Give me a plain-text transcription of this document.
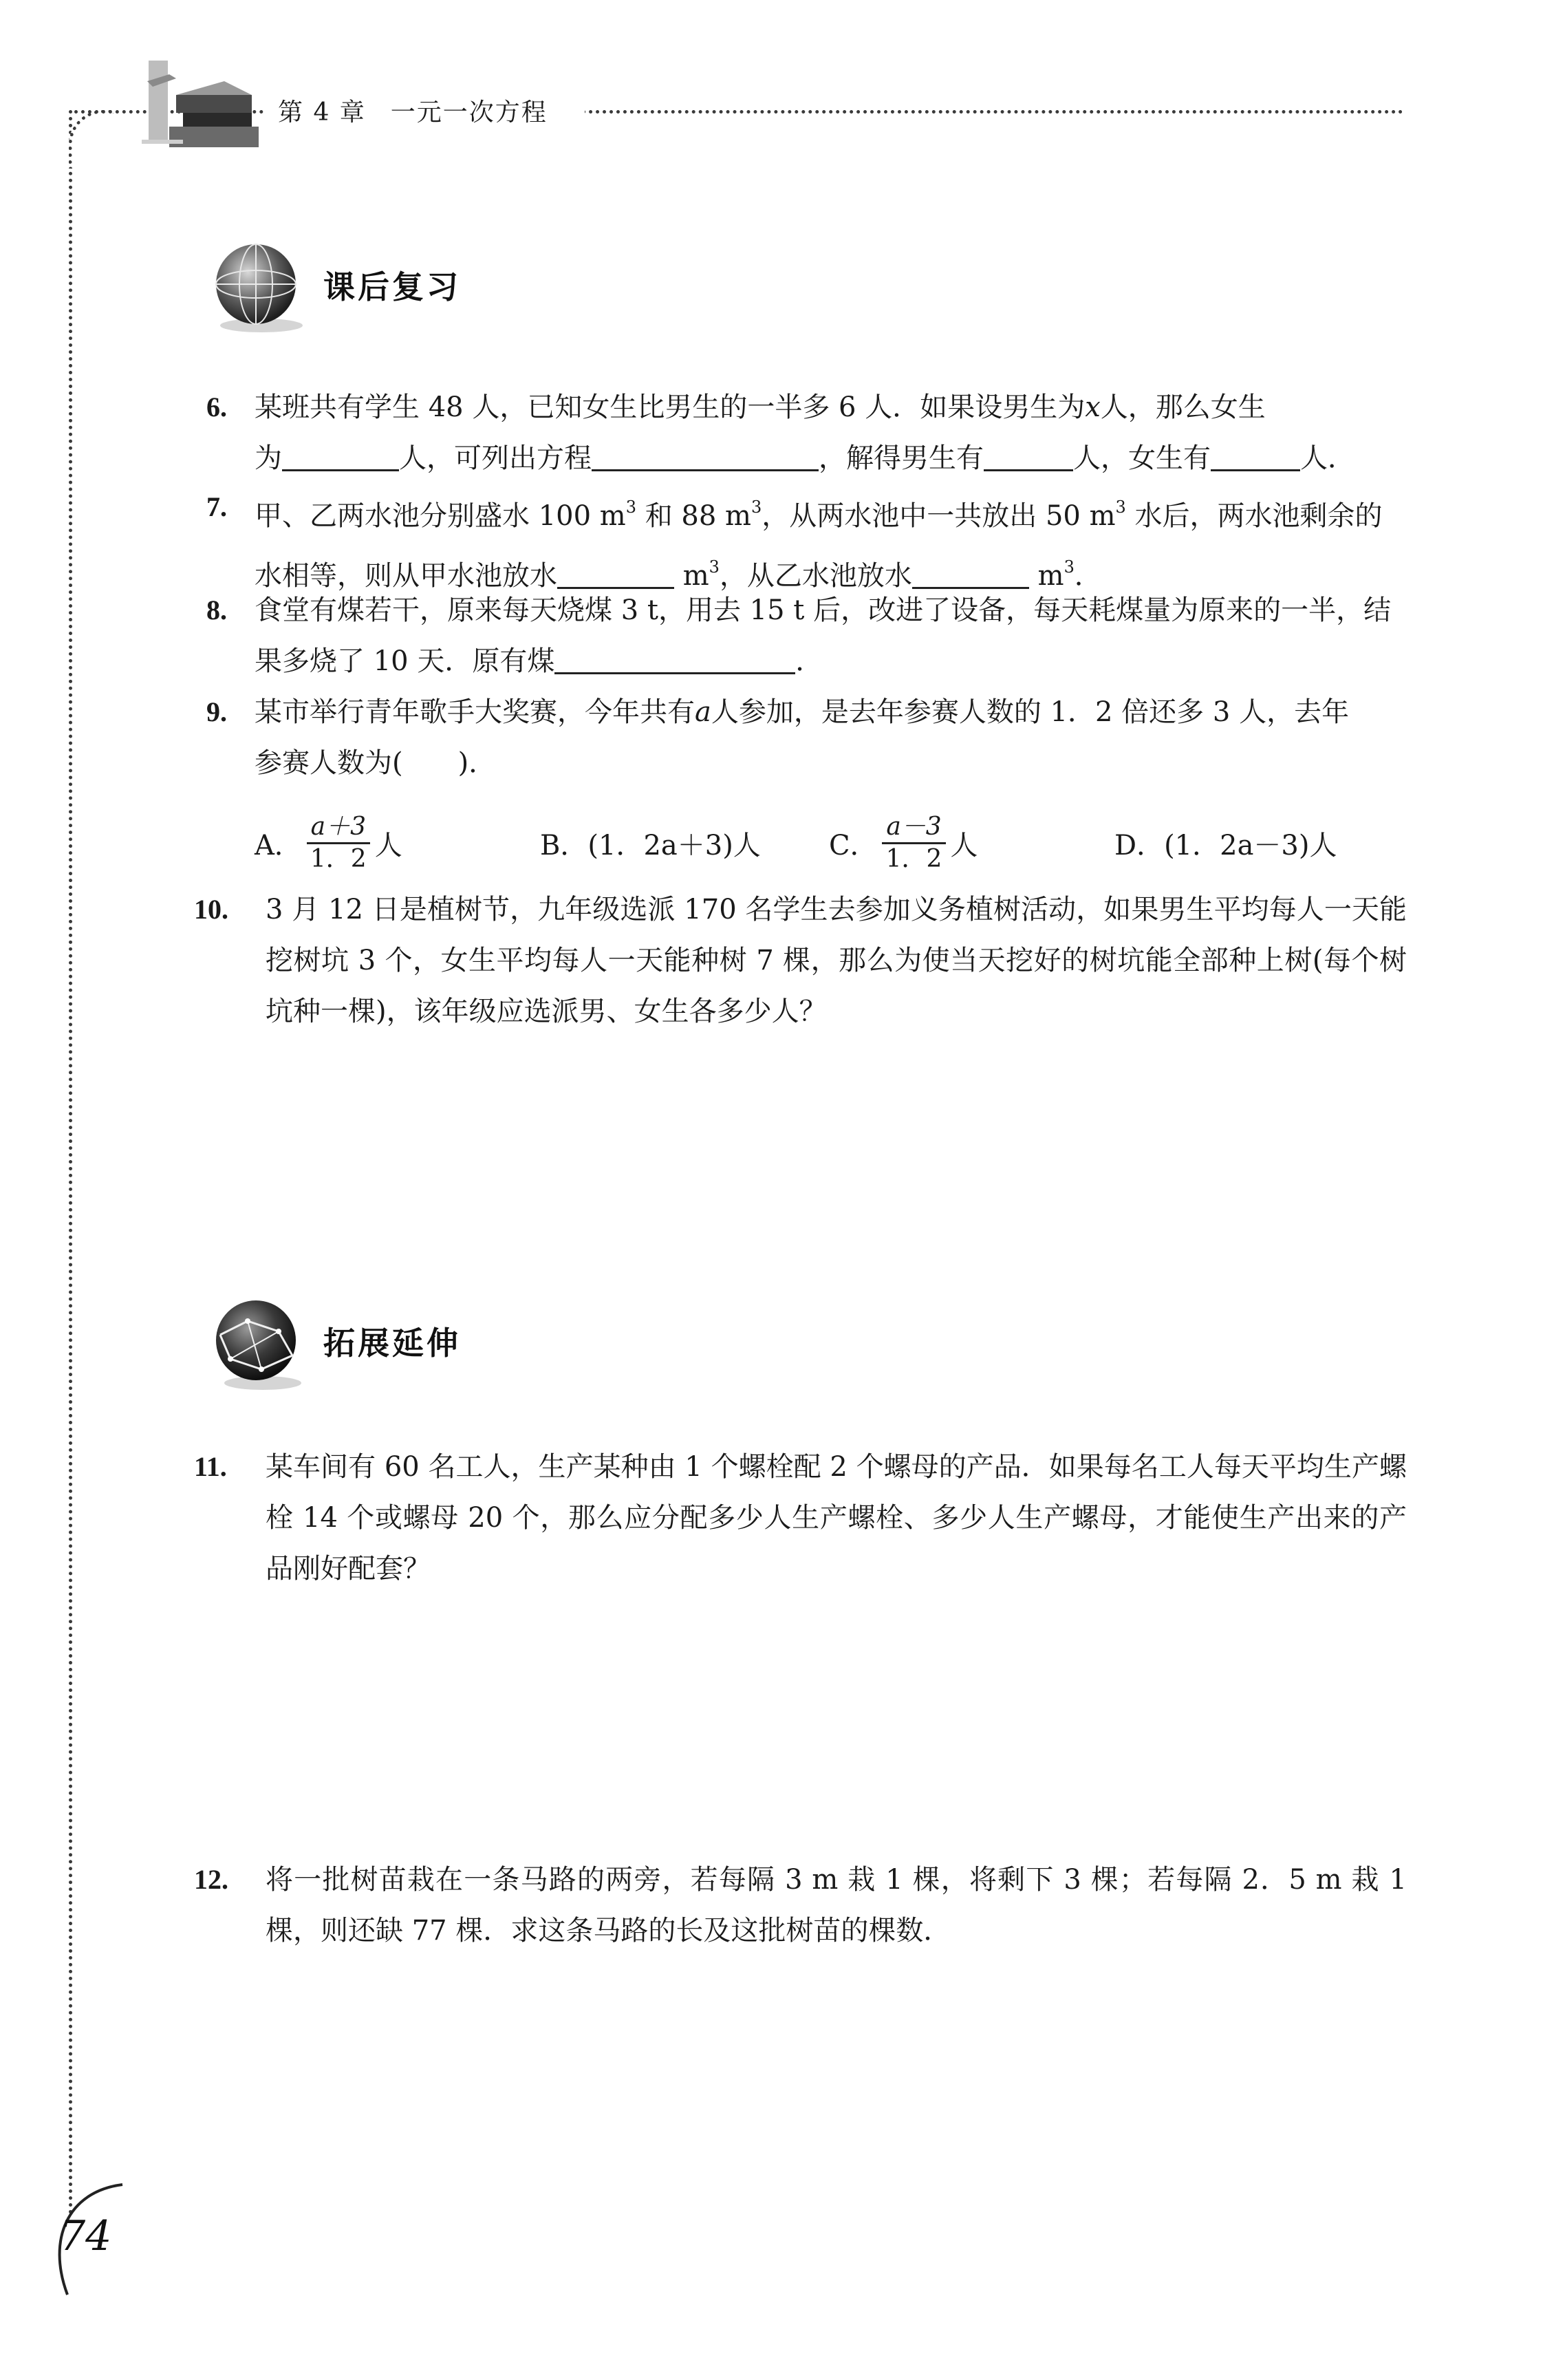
第 4 章 一元一次方程
课后复习
6. 某班共有学生 48 人，已知女生比男生的一半多 6 人．如果设男生为x人，那么女生
为	人，可列出方程	，解得男生有	人，女生有	人．
7. 甲、乙两水池分别盛水 100 $m^3$ 和 88 $m^3$，从两水池中一共放出 50 $m^3$ 水后，两水池剩余的
水相等，则从甲水池放水	$m^3$，从乙水池放水	$m^3$．
8. 食堂有煤若干，原来每天烧煤 3 t，用去 15 t 后，改进了设备，每天耗煤量为原来的一半，结
果多烧了 10 天．原有煤	．
9. 某市举行青年歌手大奖赛，今年共有a人参加，是去年参赛人数的 1．2 倍还多 3 人，去年
参赛人数为(　　)．
A． $\frac{a+3}{1.2}$ 人	B．(1．2a＋3)人 C． $\frac{a-3}{1.2}$ 人	D．(1．2a－3)人
10. 3 月 12 日是植树节，九年级选派 170 名学生去参加义务植树活动，如果男生平均每人一天能挖树坑 3 个，女生平均每人一天能种树 7 棵，那么为使当天挖好的树坑能全部种上树(每个树坑种一棵)，该年级应选派男、女生各多少人？
拓展延伸
11. 某车间有 60 名工人，生产某种由 1 个螺栓配 2 个螺母的产品．如果每名工人每天平均生产螺栓 14 个或螺母 20 个，那么应分配多少人生产螺栓、多少人生产螺母，才能使生产出来的产品刚好配套？
12. 将一批树苗栽在一条马路的两旁，若每隔 3 m 栽 1 棵，将剩下 3 棵；若每隔 2．5 m 栽 1 棵，则还缺 77 棵．求这条马路的长及这批树苗的棵数．
74
